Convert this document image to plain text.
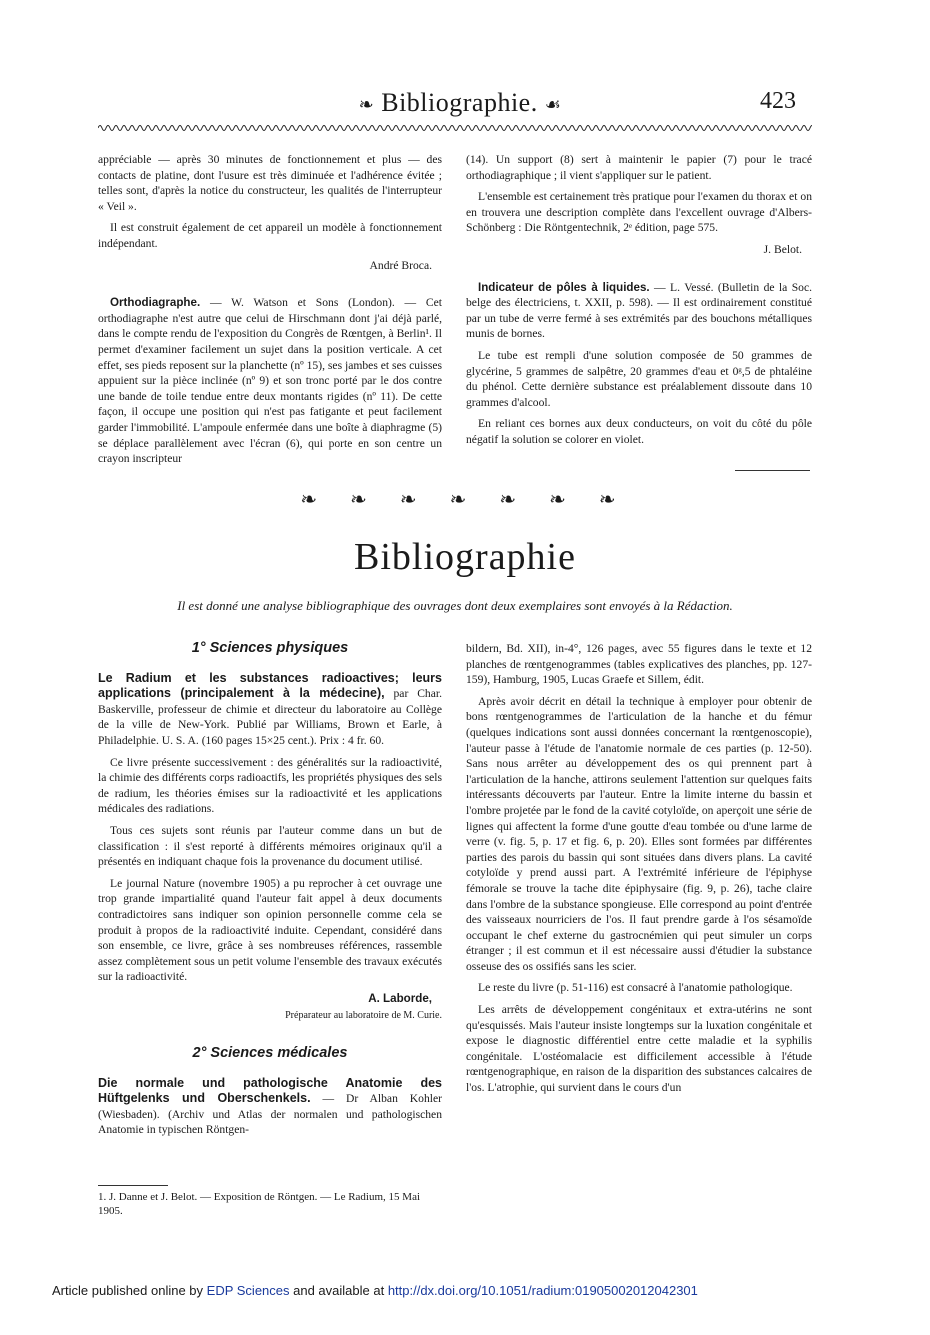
❧ Bibliographie. ☙	423

appréciable — après 30 minutes de fonctionnement et plus — des contacts de platine, dont l'usure est très diminuée et l'adhérence évitée ; telles sont, d'après la notice du constructeur, les qualités de l'interrupteur « Veil ».

Il est construit également de cet appareil un modèle à fonctionnement indépendant.

André Broca.

Orthodiagraphe. — W. Watson et Sons (London). — Cet orthodiagraphe n'est autre que celui de Hirschmann dont j'ai déjà parlé, dans le compte rendu de l'exposition du Congrès de Rœntgen, à Berlin¹. Il permet d'examiner facilement un sujet dans la position verticale. A cet effet, ses pieds reposent sur la planchette (nº 15), ses jambes et ses cuisses appuient sur la pièce inclinée (nº 9) et son tronc porté par le dos contre une bande de toile tendue entre deux montants rigides (nº 11). De cette façon, il occupe une position qui n'est pas fatigante et peut facilement garder l'immobilité. L'ampoule enfermée dans une boîte à diaphragme (5) se déplace parallèlement avec l'écran (6), qui porte en son centre un crayon inscripteur

(14). Un support (8) sert à maintenir le papier (7) pour le tracé orthodiagraphique ; il vient s'appliquer sur le patient.

L'ensemble est certainement très pratique pour l'examen du thorax et on en trouvera une description complète dans l'excellent ouvrage d'Albers-Schönberg : Die Röntgentechnik, 2ᵉ édition, page 575.

J. Belot.

Indicateur de pôles à liquides. — L. Vessé. (Bulletin de la Soc. belge des électriciens, t. XXII, p. 598). — Il est ordinairement constitué par un tube de verre fermé à ses extrémités par des bouchons métalliques munis de bornes.

Le tube est rempli d'une solution composée de 50 grammes de glycérine, 5 grammes de salpêtre, 20 grammes d'eau et 0ᵍ,5 de phtaléine du phénol. Cette dernière substance est préalablement dissoute dans 10 grammes d'alcool.

En reliant ces bornes aux deux conducteurs, on voit du côté du pôle négatif la solution se colorer en violet.

❧ ❧ ❧ ❧ ❧ ❧ ❧
Bibliographie
Il est donné une analyse bibliographique des ouvrages dont deux exemplaires sont envoyés à la Rédaction.
1° Sciences physiques

Le Radium et les substances radioactives; leurs applications (principalement à la médecine), par Char. Baskerville, professeur de chimie et directeur du laboratoire au Collège de la ville de New-York. Publié par Williams, Brown et Earle, à Philadelphie. U. S. A. (160 pages 15×25 cent.). Prix : 4 fr. 60.

Ce livre présente successivement : des généralités sur la radioactivité, la chimie des différents corps radioactifs, les propriétés physiques des sels de radium, les théories émises sur la radioactivité et les applications médicales des radiations.

Tous ces sujets sont réunis par l'auteur comme dans un but de classification : il s'est reporté à différents mémoires originaux qu'il a présentés en indiquant chaque fois la provenance du document utilisé.

Le journal Nature (novembre 1905) a pu reprocher à cet ouvrage une trop grande impartialité quand l'auteur fait appel à deux documents contradictoires sans indiquer son opinion personnelle comme cela se produit à propos de la radioactivité induite. Cependant, considéré dans son ensemble, ce livre, grâce à ses nombreuses références, rassemble assez complètement sous un petit volume l'ensemble des travaux exécutés sur la radioactivité.

A. Laborde,
Préparateur au laboratoire de M. Curie.
2° Sciences médicales

Die normale und pathologische Anatomie des Hüftgelenks und Oberschenkels. — Dr Alban Kohler (Wiesbaden). (Archiv und Atlas der normalen und pathologischen Anatomie in typischen Röntgen-

bildern, Bd. XII), in-4°, 126 pages, avec 55 figures dans le texte et 12 planches de rœntgenogrammes (tables explicatives des planches, pp. 127-159), Hamburg, 1905, Lucas Graefe et Sillem, édit.

Après avoir décrit en détail la technique à employer pour obtenir de bons rœntgenogrammes de l'articulation de la hanche et du fémur (quelques indications sont aussi données concernant la rœntgenoscopie), l'auteur passe à l'étude de l'anatomie normale de ces parties (p. 12-50). Sans nous arrêter au développement des os qui prennent part à l'articulation de la hanche, attirons seulement l'attention sur quelques faits intéressants découverts par l'auteur. Entre la limite interne du bassin et l'ombre projetée par le fond de la cavité cotyloïde, on aperçoit une série de lignes qui affectent la forme d'une goutte d'eau tombée ou d'une larme de verre (v. fig. 5, p. 17 et fig. 6, p. 20). Elles sont formées par différentes parties des parois du bassin qui sont situées dans divers plans. La cavité cotyloïde y prend aussi part. A l'extrémité inférieure de l'épiphyse fémorale se trouve la tache dite épiphysaire (fig. 9, p. 26), tache claire dans l'ombre de la substance spongieuse. Elle correspond au point d'entrée des vaisseaux nourriciers de l'os. Il faut prendre garde à l'os sésamoïde occupant le chef externe du gastrocnémien qui peut simuler un corps étranger ; il est commun et il est nécessaire aussi d'étudier la substance osseuse des os ossifiés sans les scier.

Le reste du livre (p. 51-116) est consacré à l'anatomie pathologique.

Les arrêts de développement congénitaux et extra-utérins ne sont qu'esquissés. Mais l'auteur insiste longtemps sur la luxation congénitale et expose le diagnostic différentiel entre cette maladie et la syphilis congénitale. L'ostéomalacie est difficilement accessible à l'étude rœntgenographique, en raison de la disparition des substances calcaires de l'os. L'atrophie, qui survient dans le cours d'un

1. J. Danne et J. Belot. — Exposition de Röntgen. — Le Radium, 15 Mai 1905.
Article published online by EDP Sciences and available at http://dx.doi.org/10.1051/radium:01905002012042301
